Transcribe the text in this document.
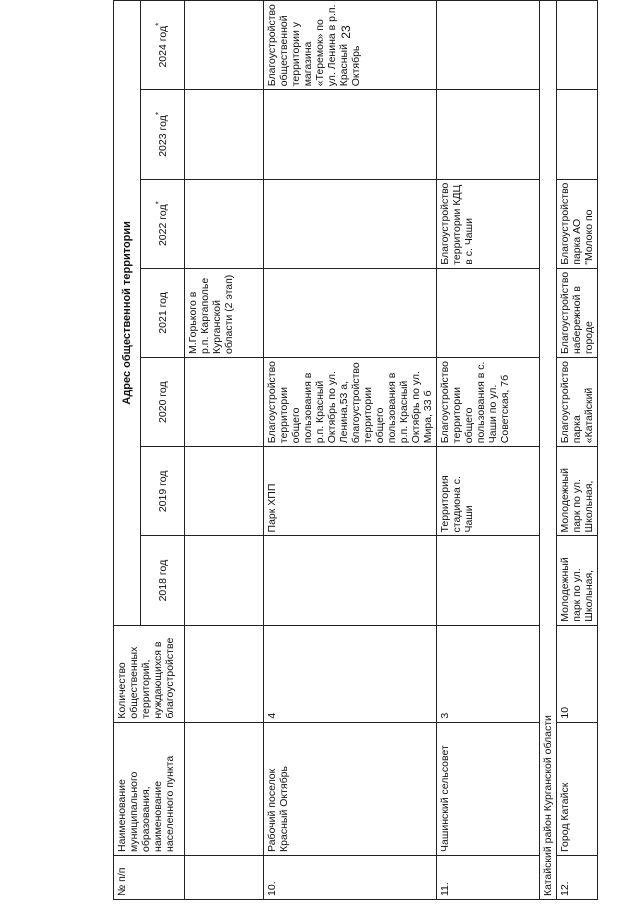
23
№ п/п	Наименование муниципального образования, наименование населенного пункта	Количество общественных территорий, нуждающихся в благоустройстве	Адрес общественной территории						
			2018 год	2019 год	2020 год	2021 год	2022 год*	2023 год*	2024 год*
						М.Горького в р.п. Каргаполье Курганской области (2 этап)			
10.	Рабочий поселок Красный Октябрь	4		Парк ХПП	Благоустройство территории общего пользования в р.п. Красный Октябрь по ул. Ленина,53 а, благоустройство территории общего пользования в р.п. Красный Октябрь по ул. Мира, 33 б				Благоустройство общественной территории у магазина «Теремок» по ул. Ленина в р.п. Красный Октябрь
11.	Чашинский сельсовет	3		Территория стадиона с. Чаши	Благоустройство территории общего пользования в с. Чаши по ул. Советская, 7б		Благоустройство территории КДЦ в с. Чаши		
Катайский район Курганской области									
12.	Город Катайск	10	Молодежный парк по ул. Школьная,	Молодежный парк по ул. Школьная,	Благоустройство парка «Катайский	Благоустройство набережной в городе	Благоустройство парка АО "Молоко по		
